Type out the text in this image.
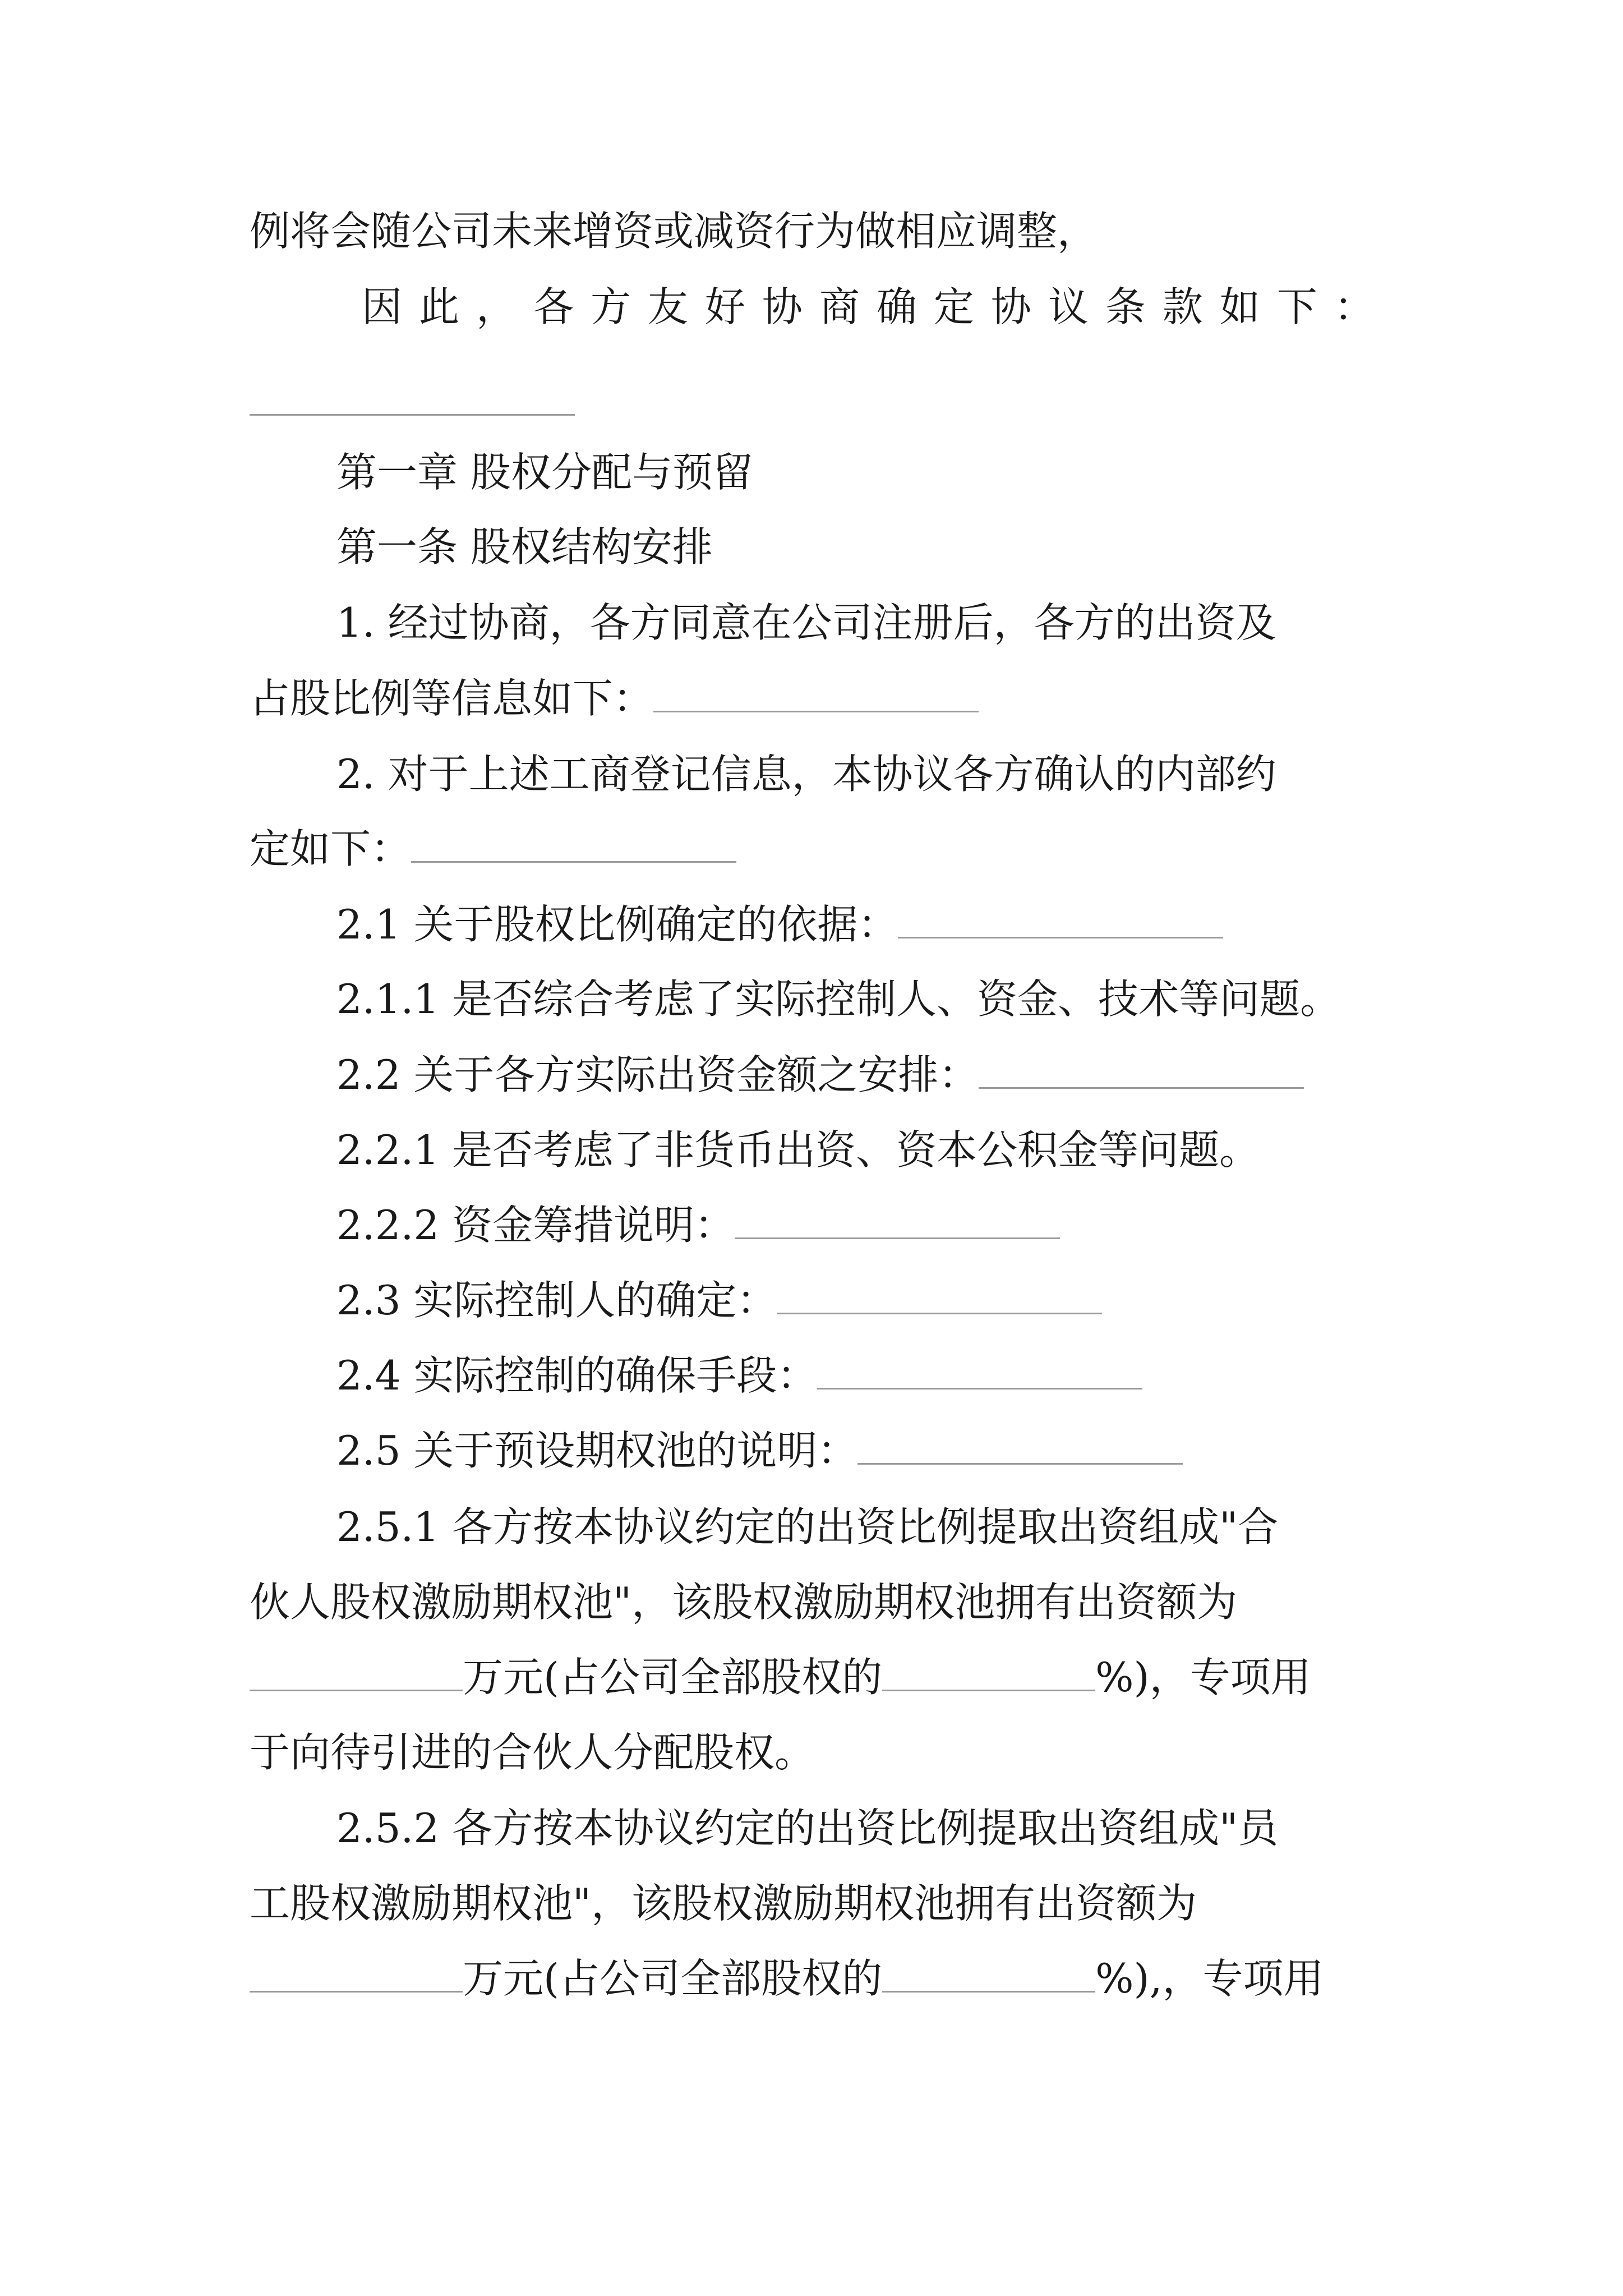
例将会随公司未来增资或减资行为做相应调整，
因 此 ， 各 方 友 好 协 商 确 定 协 议 条 款 如 下 ：
第一章 股权分配与预留
第一条 股权结构安排
1. 经过协商，各方同意在公司注册后，各方的出资及
占股比例等信息如下：
2. 对于上述工商登记信息，本协议各方确认的内部约
定如下：
2.1 关于股权比例确定的依据：
2.1.1 是否综合考虑了实际控制人、资金、技术等问题。
2.2 关于各方实际出资金额之安排：
2.2.1 是否考虑了非货币出资、资本公积金等问题。
2.2.2 资金筹措说明：
2.3 实际控制人的确定：
2.4 实际控制的确保手段：
2.5 关于预设期权池的说明：
2.5.1 各方按本协议约定的出资比例提取出资组成"合
伙人股权激励期权池"，该股权激励期权池拥有出资额为
万元(占公司全部股权的	%)，专项用
于向待引进的合伙人分配股权。
2.5.2 各方按本协议约定的出资比例提取出资组成"员
工股权激励期权池"，该股权激励期权池拥有出资额为
万元(占公司全部股权的	%),，专项用
